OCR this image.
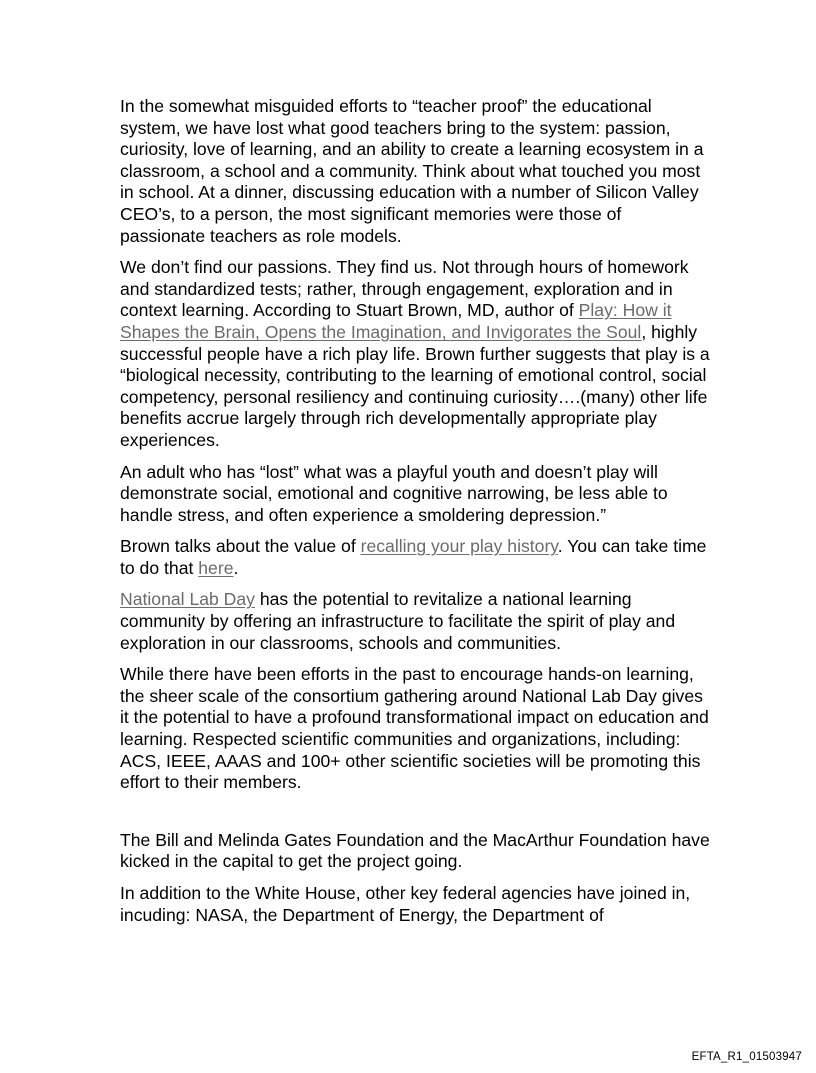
In the somewhat misguided efforts to “teacher proof” the educational system, we have lost what good teachers bring to the system: passion, curiosity, love of learning, and an ability to create a learning ecosystem in a classroom, a school and a community. Think about what touched you most in school. At a dinner, discussing education with a number of Silicon Valley CEO’s, to a person, the most significant memories were those of passionate teachers as role models.

We don’t find our passions. They find us. Not through hours of homework and standardized tests; rather, through engagement, exploration and in context learning. According to Stuart Brown, MD, author of Play: How it Shapes the Brain, Opens the Imagination, and Invigorates the Soul, highly successful people have a rich play life. Brown further suggests that play is a “biological necessity, contributing to the learning of emotional control, social competency, personal resiliency and continuing curiosity….(many) other life benefits accrue largely through rich developmentally appropriate play experiences.

An adult who has “lost” what was a playful youth and doesn’t play will demonstrate social, emotional and cognitive narrowing, be less able to handle stress, and often experience a smoldering depression.”

Brown talks about the value of recalling your play history. You can take time to do that here.

National Lab Day has the potential to revitalize a national learning community by offering an infrastructure to facilitate the spirit of play and exploration in our classrooms, schools and communities.

While there have been efforts in the past to encourage hands-on learning, the sheer scale of the consortium gathering around National Lab Day gives it the potential to have a profound transformational impact on education and learning. Respected scientific communities and organizations, including: ACS, IEEE, AAAS and 100+ other scientific societies will be promoting this effort to their members.

The Bill and Melinda Gates Foundation and the MacArthur Foundation have kicked in the capital to get the project going.

In addition to the White House, other key federal agencies have joined in, incuding: NASA, the Department of Energy, the Department of

EFTA_R1_01503947
